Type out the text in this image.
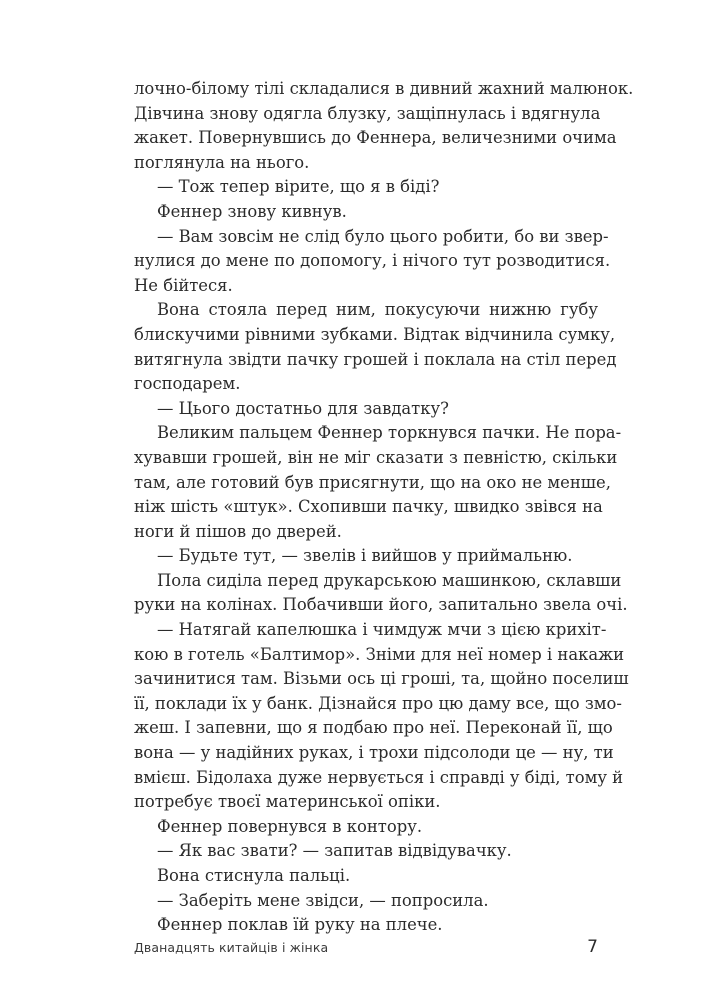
лочно-білому тілі складалися в дивний жахний малюнок.
Дівчина знову одягла блузку, защіпнулась і вдягнула
жакет. Повернувшись до Феннера, величезними очима
поглянула на нього.
— Тож тепер вірите, що я в біді?
Феннер знову кивнув.
— Вам зовсім не слід було цього робити, бо ви звер-
нулися до мене по допомогу, і нічого тут розводитися.
Не бійтеся.
Вона стояла перед ним, покусуючи нижню губу
блискучими рівними зубками. Відтак відчинила сумку,
витягнула звідти пачку грошей і поклала на стіл перед
господарем.
— Цього достатньо для завдатку?
Великим пальцем Феннер торкнувся пачки. Не пора-
хувавши грошей, він не міг сказати з певністю, скільки
там, але готовий був присягнути, що на око не менше,
ніж шість «штук». Схопивши пачку, швидко звівся на
ноги й пішов до дверей.
— Будьте тут, — звелів і вийшов у приймальню.
Пола сиділа перед друкарською машинкою, склавши
руки на колінах. Побачивши його, запитально звела очі.
— Натягай капелюшка і чимдуж мчи з цією крихіт-
кою в готель «Балтимор». Зніми для неї номер і накажи
зачинитися там. Візьми ось ці гроші, та, щойно поселиш
її, поклади їх у банк. Дізнайся про цю даму все, що змо-
жеш. І запевни, що я подбаю про неї. Переконай її, що
вона — у надійних руках, і трохи підсолоди це — ну, ти
вмієш. Бідолаха дуже нервується і справді у біді, тому й
потребує твоєї материнської опіки.
Феннер повернувся в контору.
— Як вас звати? — запитав відвідувачку.
Вона стиснула пальці.
— Заберіть мене звідси, — попросила.
Феннер поклав їй руку на плече.
Дванадцять китайців і жінка	7
